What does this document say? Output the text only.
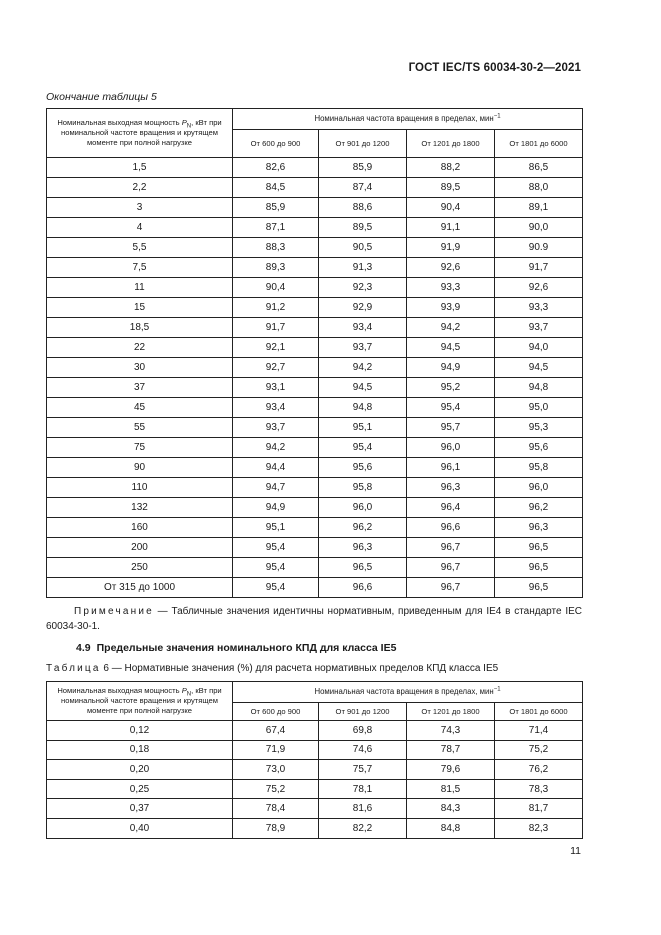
ГОСТ IEC/TS 60034-30-2—2021
Окончание таблицы 5
Номинальная выходная мощность $P_N$, кВт при номинальной частоте вращения и крутящем моменте при полной нагрузке	Номинальная частота вращения в пределах, мин$^{-1}$
	От 600 до 900	От 901 до 1200	От 1201 до 1800	От 1801 до 6000
1,5	82,6	85,9	88,2	86,5
2,2	84,5	87,4	89,5	88,0
3	85,9	88,6	90,4	89,1
4	87,1	89,5	91,1	90,0
5,5	88,3	90,5	91,9	90.9
7,5	89,3	91,3	92,6	91,7
11	90,4	92,3	93,3	92,6
15	91,2	92,9	93,9	93,3
18,5	91,7	93,4	94,2	93,7
22	92,1	93,7	94,5	94,0
30	92,7	94,2	94,9	94,5
37	93,1	94,5	95,2	94,8
45	93,4	94,8	95,4	95,0
55	93,7	95,1	95,7	95,3
75	94,2	95,4	96,0	95,6
90	94,4	95,6	96,1	95,8
110	94,7	95,8	96,3	96,0
132	94,9	96,0	96,4	96,2
160	95,1	96,2	96,6	96,3
200	95,4	96,3	96,7	96,5
250	95,4	96,5	96,7	96,5
От 315 до 1000	95,4	96,6	96,7	96,5
Примечание — Табличные значения идентичны нормативным, приведенным для IE4 в стандарте IEC 60034-30-1.
4.9 Предельные значения номинального КПД для класса IE5
Таблица 6 — Нормативные значения (%) для расчета нормативных пределов КПД класса IE5
Номинальная выходная мощность $P_N$, кВт при номинальной частоте вращения и крутящем моменте при полной нагрузке	Номинальная частота вращения в пределах, мин$^{-1}$
	От 600 до 900	От 901 до 1200	От 1201 до 1800	От 1801 до 6000
0,12	67,4	69,8	74,3	71,4
0,18	71,9	74,6	78,7	75,2
0,20	73,0	75,7	79,6	76,2
0,25	75,2	78,1	81,5	78,3
0,37	78,4	81,6	84,3	81,7
0,40	78,9	82,2	84,8	82,3
11
